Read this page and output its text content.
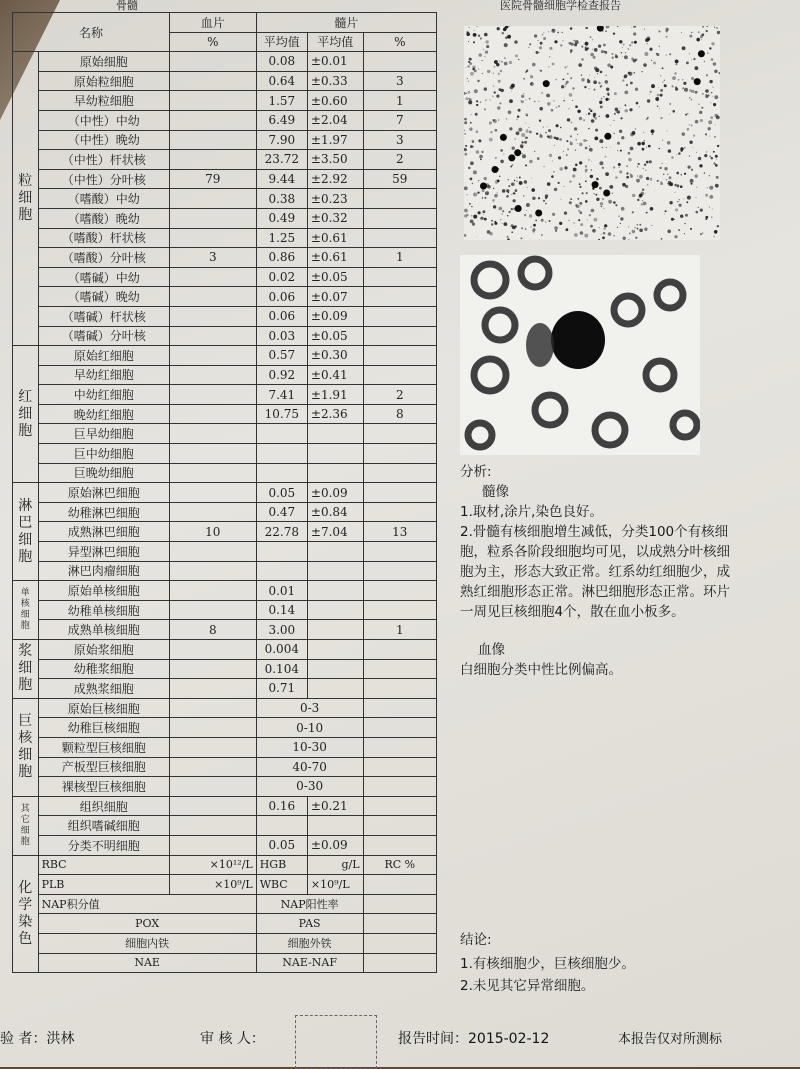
骨髓	医院骨髓细胞学检查报告
名称		血片	髓片		
		%	平均值	平均值	%
粒
细
胞	原始细胞		0.08	±0.01	
	原始粒细胞		0.64	±0.33	3
	早幼粒细胞		1.57	±0.60	1
	（中性）中幼		6.49	±2.04	7
	（中性）晚幼		7.90	±1.97	3
	（中性）杆状核		23.72	±3.50	2
	（中性）分叶核	79	9.44	±2.92	59
	（嗜酸）中幼		0.38	±0.23	
	（嗜酸）晚幼		0.49	±0.32	
	（嗜酸）杆状核		1.25	±0.61	
	（嗜酸）分叶核	3	0.86	±0.61	1
	（嗜碱）中幼		0.02	±0.05	
	（嗜碱）晚幼		0.06	±0.07	
	（嗜碱）杆状核		0.06	±0.09	
	（嗜碱）分叶核		0.03	±0.05	
红
细
胞	原始红细胞		0.57	±0.30	
	早幼红细胞		0.92	±0.41	
	中幼红细胞		7.41	±1.91	2
	晚幼红细胞		10.75	±2.36	8
	巨早幼细胞				
	巨中幼细胞				
	巨晚幼细胞				
淋
巴
细
胞	原始淋巴细胞		0.05	±0.09	
	幼稚淋巴细胞		0.47	±0.84	
	成熟淋巴细胞	10	22.78	±7.04	13
	异型淋巴细胞				
	淋巴肉瘤细胞				
单
核
细
胞	原始单核细胞		0.01		
	幼稚单核细胞		0.14		
	成熟单核细胞	8	3.00		1
浆
细
胞	原始浆细胞		0.004		
	幼稚浆细胞		0.104		
	成熟浆细胞		0.71		
巨
核
细
胞	原始巨核细胞		0-3		
	幼稚巨核细胞		0-10		
	颗粒型巨核细胞		10-30		
	产板型巨核细胞		40-70		
	裸核型巨核细胞		0-30		
其
它
细
胞	组织细胞		0.16	±0.21	
	组织嗜碱细胞				
	分类不明细胞		0.05	±0.09	
化
学
染
色	RBC	×10¹²/L	HGB	g/L	RC %
	PLB	×10⁹/L	WBC	×10⁹/L	
	NAP积分值		NAP阳性率		
	POX		PAS		
	细胞内铁		细胞外铁		
	NAE		NAE-NAF		
分析:
髓像
1.取材,涂片,染色良好。
2.骨髓有核细胞增生减低，分类100个有核细
胞，粒系各阶段细胞均可见，以成熟分叶核细
胞为主，形态大致正常。红系幼红细胞少，成
熟红细胞形态正常。淋巴细胞形态正常。环片
一周见巨核细胞4个，散在血小板多。
血像
白细胞分类中性比例偏高。
结论:
1.有核细胞少，巨核细胞少。
2.未见其它异常细胞。
验 者：洪林	审 核 人：	报告时间：2015-02-12	本报告仅对所测标
